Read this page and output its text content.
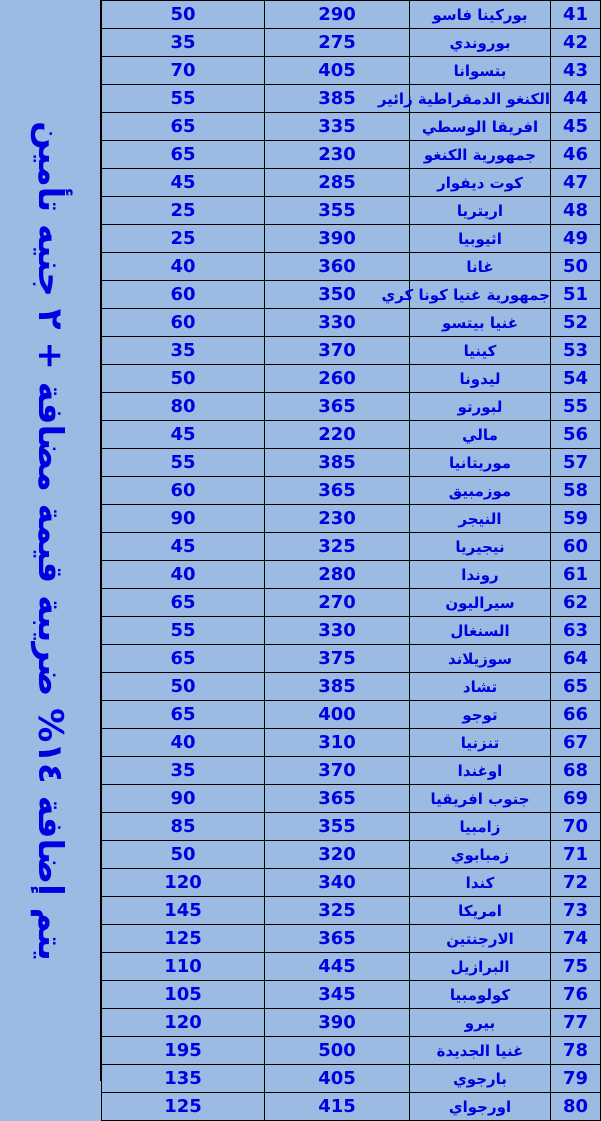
يتم إضافة ١٤% ضريبة قيمة مضافة + ٢ جنيه تأمين
50	290	بوركينا فاسو	41
35	275	بوروندي	42
70	405	بتسوانا	43
55	385	الكنغو الدمقراطية زائير	44
65	335	افريقا الوسطي	45
65	230	جمهورية الكنغو	46
45	285	كوت ديفوار	47
25	355	اريتريا	48
25	390	اثيوبيا	49
40	360	غانا	50
60	350	جمهورية غنيا كونا كري	51
60	330	غنيا بيتسو	52
35	370	كينيا	53
50	260	ليدونا	54
80	365	لبورتو	55
45	220	مالي	56
55	385	موريتانيا	57
60	365	موزمبيق	58
90	230	النيجر	59
45	325	نيجيريا	60
40	280	روندا	61
65	270	سيراليون	62
55	330	السنغال	63
65	375	سوزيلاند	64
50	385	تشاد	65
65	400	توجو	66
40	310	تنزنيا	67
35	370	اوغندا	68
90	365	جنوب افريقيا	69
85	355	زامبيا	70
50	320	زمبابوي	71
120	340	كندا	72
145	325	امريكا	73
125	365	الارجنتين	74
110	445	البرازيل	75
105	345	كولومبيا	76
120	390	بيرو	77
195	500	غنيا الجديدة	78
135	405	بارجوي	79
125	415	اورجواي	80
